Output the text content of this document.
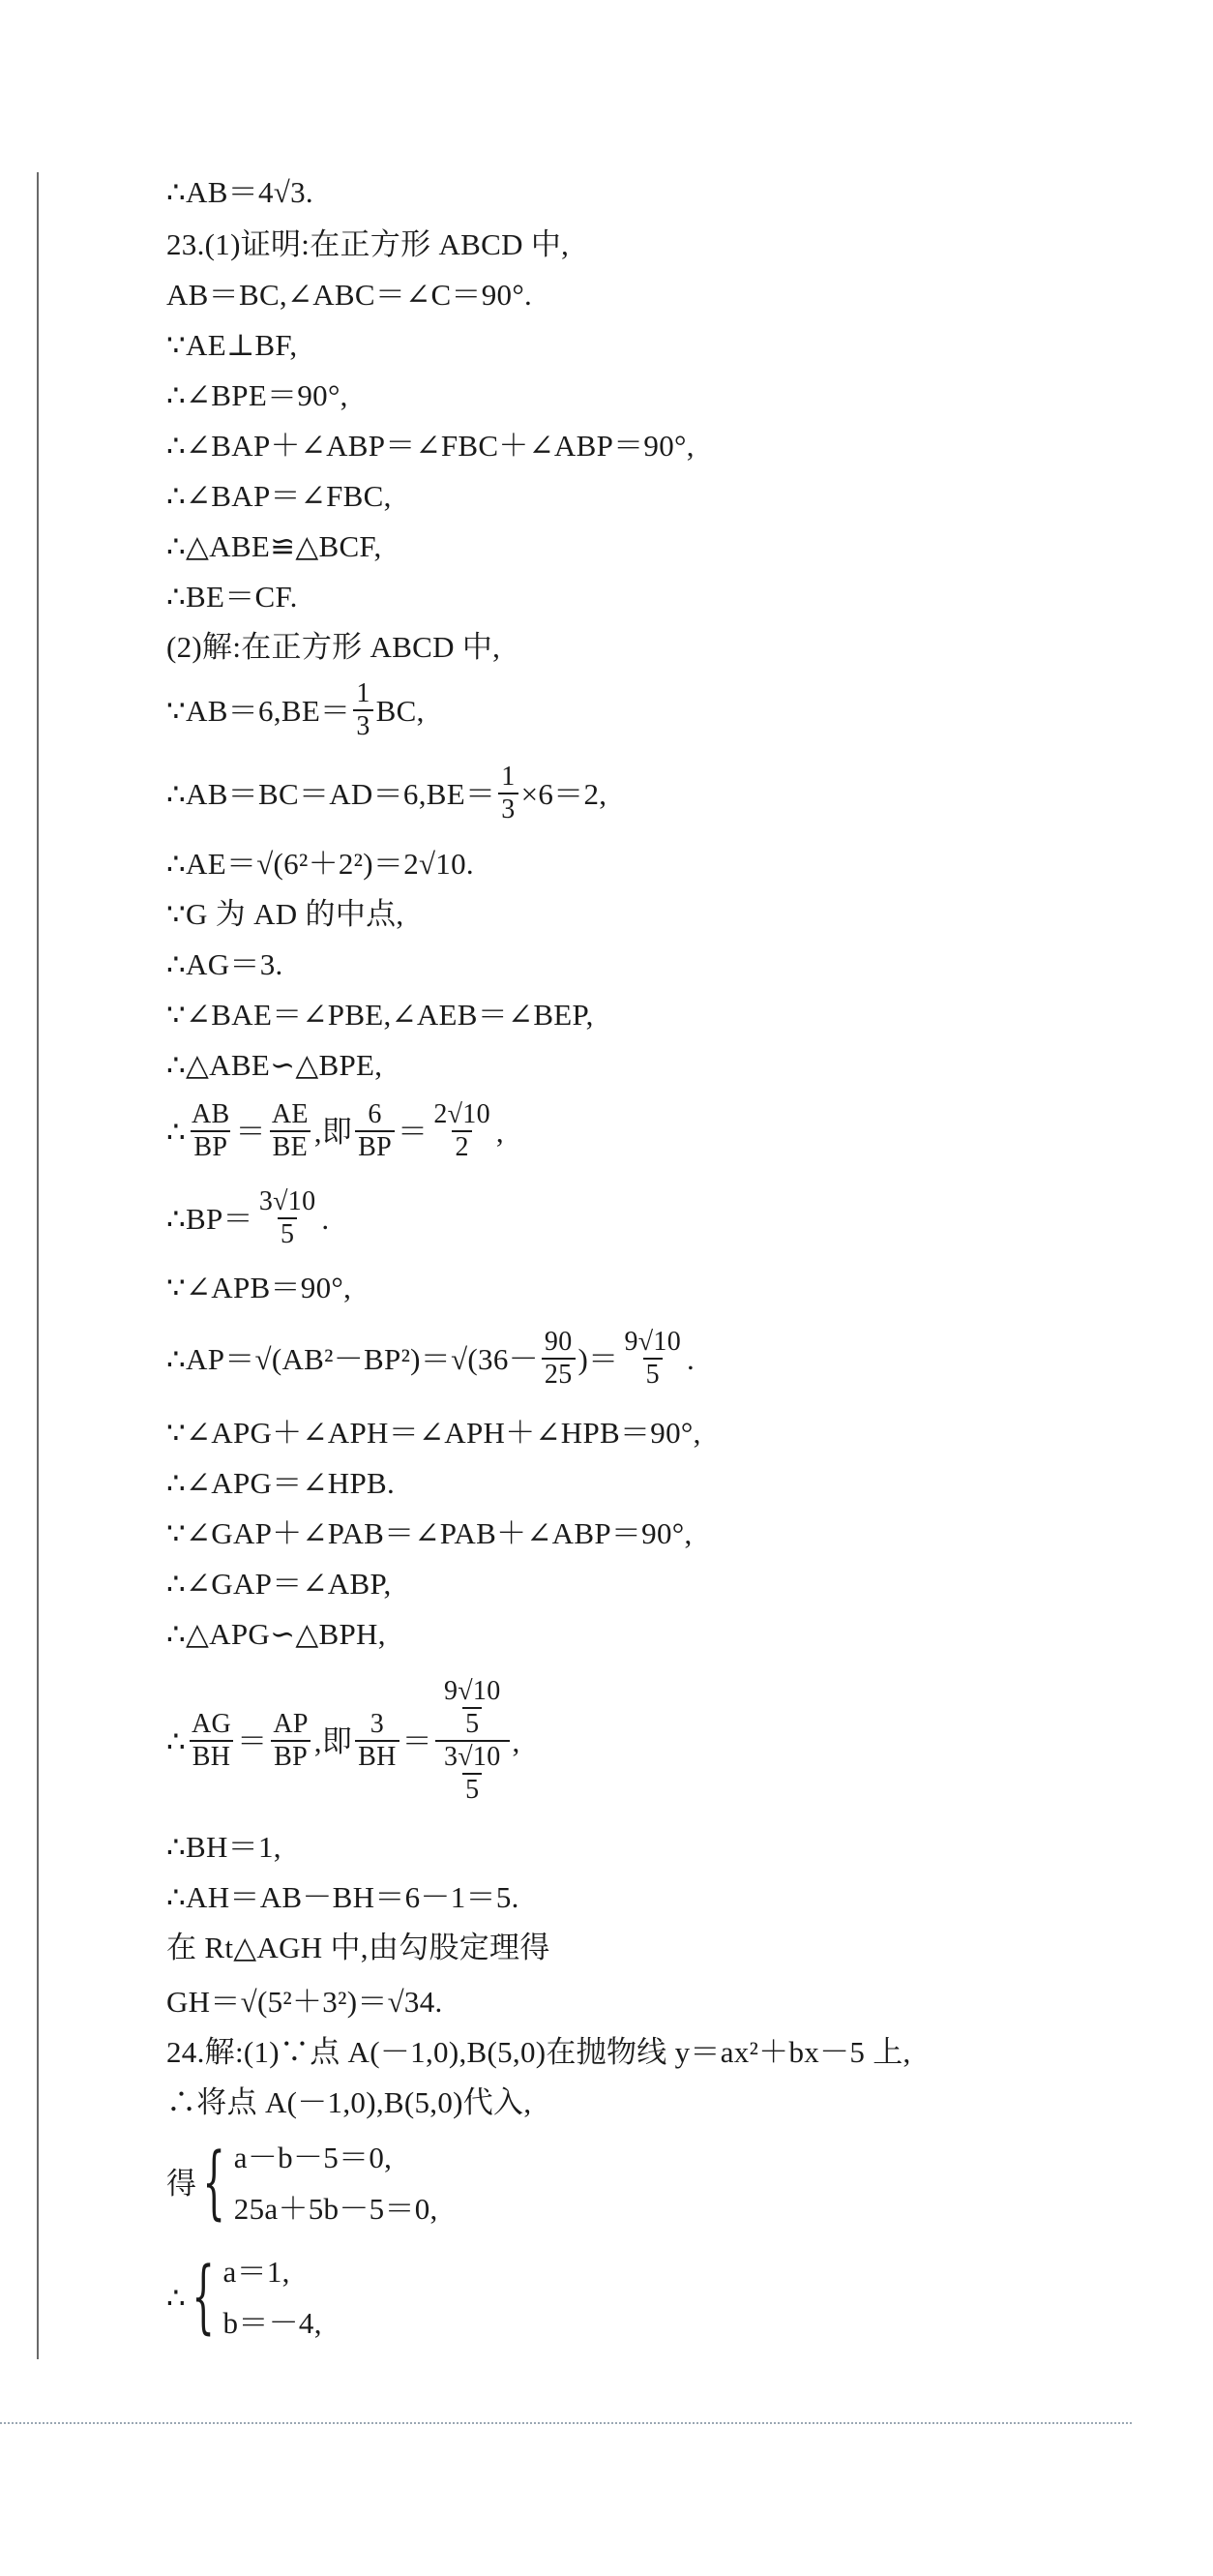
∴AB＝4√3.
23.(1)证明:在正方形 ABCD 中,
AB＝BC,∠ABC＝∠C＝90°.
∵AE⊥BF,
∴∠BPE＝90°,
∴∠BAP＋∠ABP＝∠FBC＋∠ABP＝90°,
∴∠BAP＝∠FBC,
∴△ABE≌△BCF,
∴BE＝CF.
(2)解:在正方形 ABCD 中,
∵AB＝6,BE＝ $\frac{1}{3}$ BC,
∴AB＝BC＝AD＝6,BE＝ $\frac{1}{3} \times 6=2$,
∴AE＝√(6²＋2²)＝2√10.
∵G 为 AD 的中点,
∴AG＝3.
∵∠BAE＝∠PBE,∠AEB＝∠BEP,
∴△ABE∽△BPE,
∴ $\frac{AB}{BP} = \frac{AE}{BE}$ ,即 $\frac{6}{BP} = \frac{2√10}{2}$ ,
∴BP＝ $\frac{3√10}{5}$ .
∵∠APB＝90°,
∴AP＝√(AB²－BP²)＝√(36－ $\frac{90}{25}$ )＝ $\frac{9√10}{5}$ .
∵∠APG＋∠APH＝∠APH＋∠HPB＝90°,
∴∠APG＝∠HPB.
∵∠GAP＋∠PAB＝∠PAB＋∠ABP＝90°,
∴∠GAP＝∠ABP,
∴△APG∽△BPH,
∴ $\frac{AG}{BH} = \frac{AP}{BP}$ ,即 $\frac{3}{BH} = \frac{\frac{9√10}{5}}{\frac{3√10}{5}}$ ,
∴BH＝1,
∴AH＝AB－BH＝6－1＝5.
在 Rt△AGH 中,由勾股定理得
GH＝√(5²＋3²)＝√34.
24.解:(1)∵点 A(－1,0),B(5,0)在抛物线 y＝ax²＋bx－5 上,
∴将点 A(－1,0),B(5,0)代入,
得 { a－b－5＝0,
25a＋5b－5＝0,
∴ { a＝1,
b＝－4,
